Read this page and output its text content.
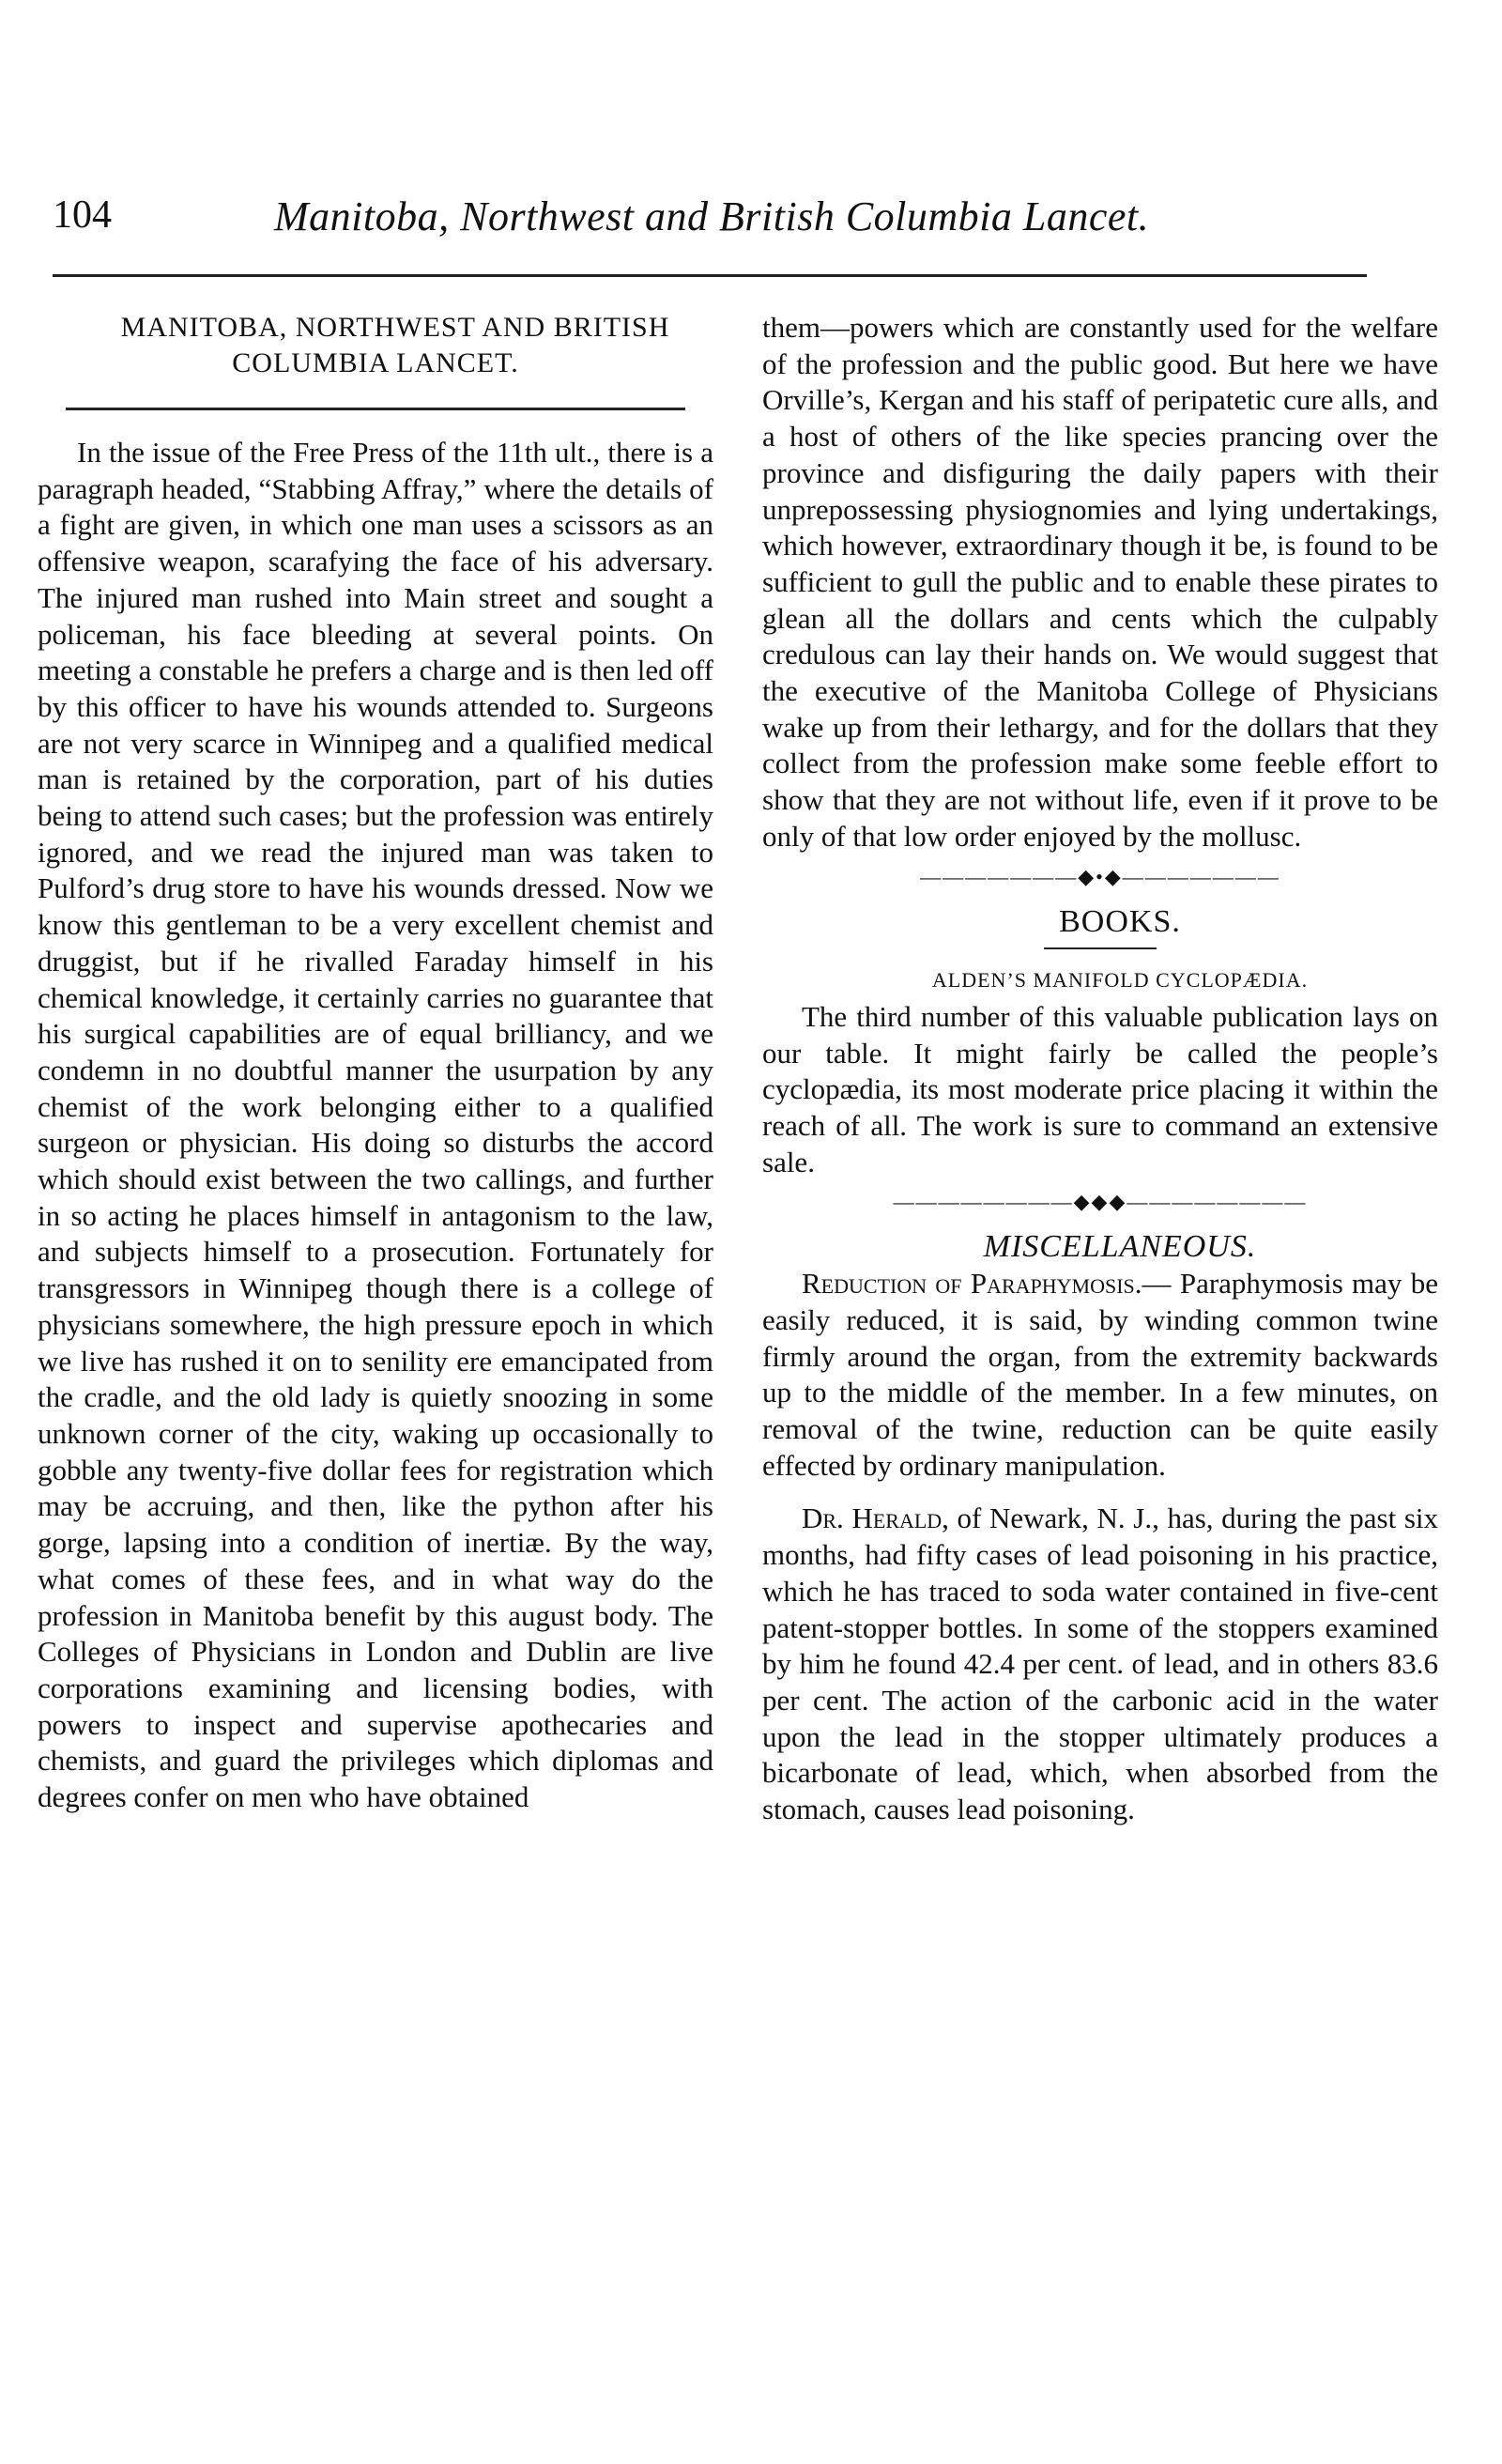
104	Manitoba, Northwest and British Columbia Lancet.

MANITOBA, NORTHWEST AND BRITISH COLUMBIA LANCET.

In the issue of the Free Press of the 11th ult., there is a paragraph headed, “Stabbing Affray,” where the details of a fight are given, in which one man uses a scissors as an offensive weapon, scarafying the face of his adversary. The injured man rushed into Main street and sought a policeman, his face bleeding at several points. On meeting a constable he prefers a charge and is then led off by this officer to have his wounds attended to. Surgeons are not very scarce in Winnipeg and a qualified medical man is retained by the corporation, part of his duties being to attend such cases; but the profession was entirely ignored, and we read the injured man was taken to Pulford’s drug store to have his wounds dressed. Now we know this gentleman to be a very excellent chemist and druggist, but if he rivalled Faraday himself in his chemical knowledge, it certainly carries no guarantee that his surgical capabilities are of equal brilliancy, and we condemn in no doubtful manner the usurpation by any chemist of the work belonging either to a qualified surgeon or physician. His doing so disturbs the accord which should exist between the two callings, and further in so acting he places himself in antagonism to the law, and subjects himself to a prosecution. Fortunately for transgressors in Winnipeg though there is a college of physicians somewhere, the high pressure epoch in which we live has rushed it on to senility ere emancipated from the cradle, and the old lady is quietly snoozing in some unknown corner of the city, waking up occasionally to gobble any twenty-five dollar fees for registration which may be accruing, and then, like the python after his gorge, lapsing into a condition of inertiæ. By the way, what comes of these fees, and in what way do the profession in Manitoba benefit by this august body. The Colleges of Physicians in London and Dublin are live corporations examining and licensing bodies, with powers to inspect and supervise apothecaries and chemists, and guard the privileges which diplomas and degrees confer on men who have obtained

them—powers which are constantly used for the welfare of the profession and the public good. But here we have Orville’s, Kergan and his staff of peripatetic cure alls, and a host of others of the like species prancing over the province and disfiguring the daily papers with their unprepossessing physiognomies and lying undertakings, which however, extraordinary though it be, is found to be sufficient to gull the public and to enable these pirates to glean all the dollars and cents which the culpably credulous can lay their hands on. We would suggest that the executive of the Manitoba College of Physicians wake up from their lethargy, and for the dollars that they collect from the profession make some feeble effort to show that they are not without life, even if it prove to be only of that low order enjoyed by the mollusc.

———————◆•◆———————

BOOKS.

ALDEN’S MANIFOLD CYCLOPÆDIA.

The third number of this valuable publication lays on our table. It might fairly be called the people’s cyclopædia, its most moderate price placing it within the reach of all. The work is sure to command an extensive sale.

————————◆◆◆————————

MISCELLANEOUS.

Reduction of Paraphymosis.— Paraphymosis may be easily reduced, it is said, by winding common twine firmly around the organ, from the extremity backwards up to the middle of the member. In a few minutes, on removal of the twine, reduction can be quite easily effected by ordinary manipulation.

Dr. Herald, of Newark, N. J., has, during the past six months, had fifty cases of lead poisoning in his practice, which he has traced to soda water contained in five-cent patent-stopper bottles. In some of the stoppers examined by him he found 42.4 per cent. of lead, and in others 83.6 per cent. The action of the carbonic acid in the water upon the lead in the stopper ultimately produces a bicarbonate of lead, which, when absorbed from the stomach, causes lead poisoning.
